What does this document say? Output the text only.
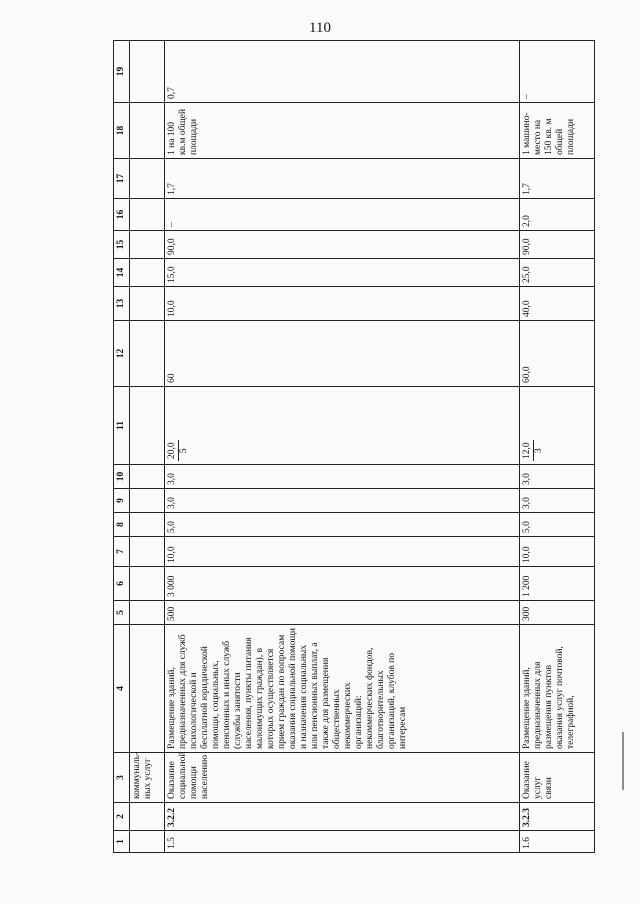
110
1	2	3	4	5	6	7	8	9	10	11	12	13	14	15	16	17	18	19
		коммуналь-ных услуг																
1.5	3.2.2	Оказание социальной помощи населению	Размещение зданий, предназначенных для служб психологической и бесплатной юридической помощи, социальных, пенсионных и иных служб (службы занятости населения, пункты питания малоимущих граждан), в которых осуществляется прием граждан по вопросам оказания социальной помощи и назначения социальных или пенсионных выплат, а также для размещения общественных некоммерческих организаций: некоммерческих фондов, благотворительных организаций, клубов по интересам	500	3 000	10,0	5,0	3,0	3,0	20,0 5	60	10,0	15,0	90,0	–	1,7	1 на 100 кв.м общей площади	0,7
1.6	3.2.3	Оказание услуг связи	Размещение зданий, предназначенных для размещения пунктов оказания услуг почтовой, телеграфной,	300	1 200	10,0	5,0	3,0	3,0	12,0 3	60,0	40,0	25,0	90,0	2,0	1,7	1 машино-место на 150 кв. м общей площади	–
